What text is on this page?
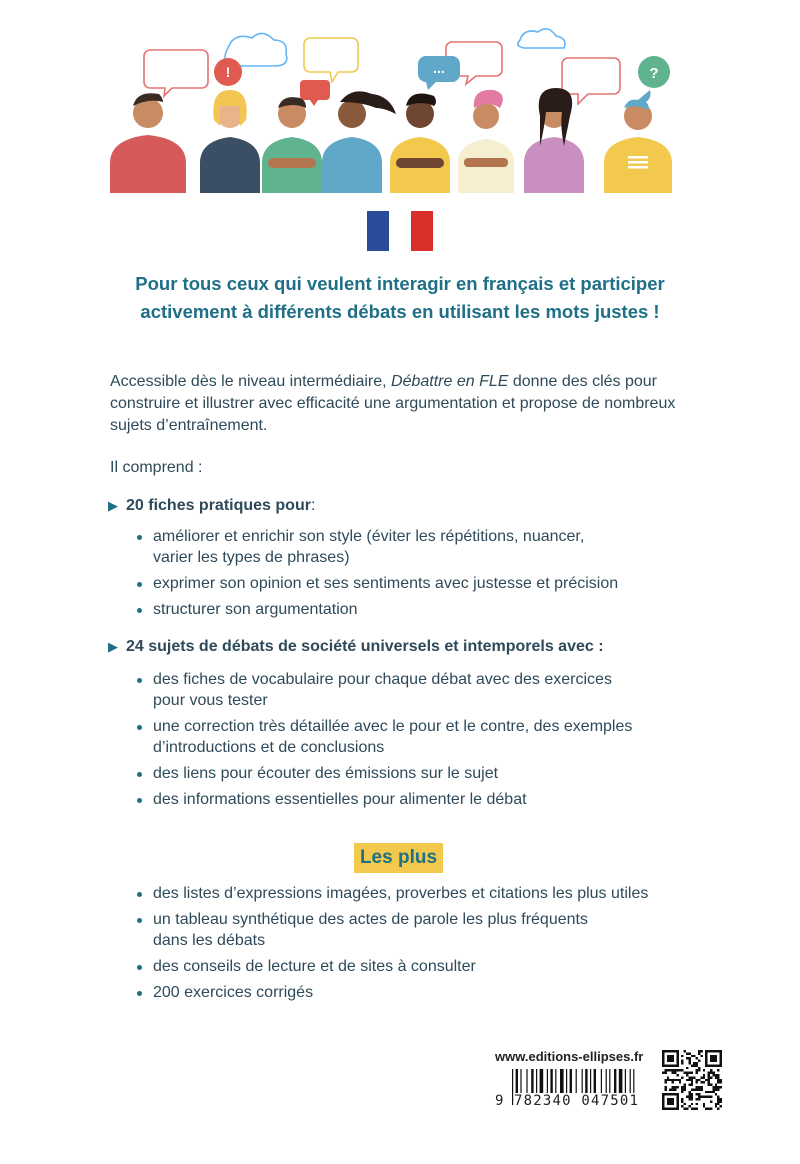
!	...	?

Pour tous ceux qui veulent interagir en français et participer
activement à différents débats en utilisant les mots justes !

Accessible dès le niveau intermédiaire, Débattre en FLE donne des clés pour construire et illustrer avec efficacité une argumentation et propose de nombreux sujets d’entraînement.

Il comprend :
▶ 20 fiches pratiques pour :
améliorer et enrichir son style (éviter les répétitions, nuancer,
varier les types de phrases)
exprimer son opinion et ses sentiments avec justesse et précision
structurer son argumentation
▶ 24 sujets de débats de société universels et intemporels avec :
des fiches de vocabulaire pour chaque débat avec des exercices
pour vous tester
une correction très détaillée avec le pour et le contre, des exemples
d’introductions et de conclusions
des liens pour écouter des émissions sur le sujet
des informations essentielles pour alimenter le débat
Les plus
des listes d’expressions imagées, proverbes et citations les plus utiles
un tableau synthétique des actes de parole les plus fréquents
dans les débats
des conseils de lecture et de sites à consulter
200 exercices corrigés
www.editions-ellipses.fr
9 782340 047501
